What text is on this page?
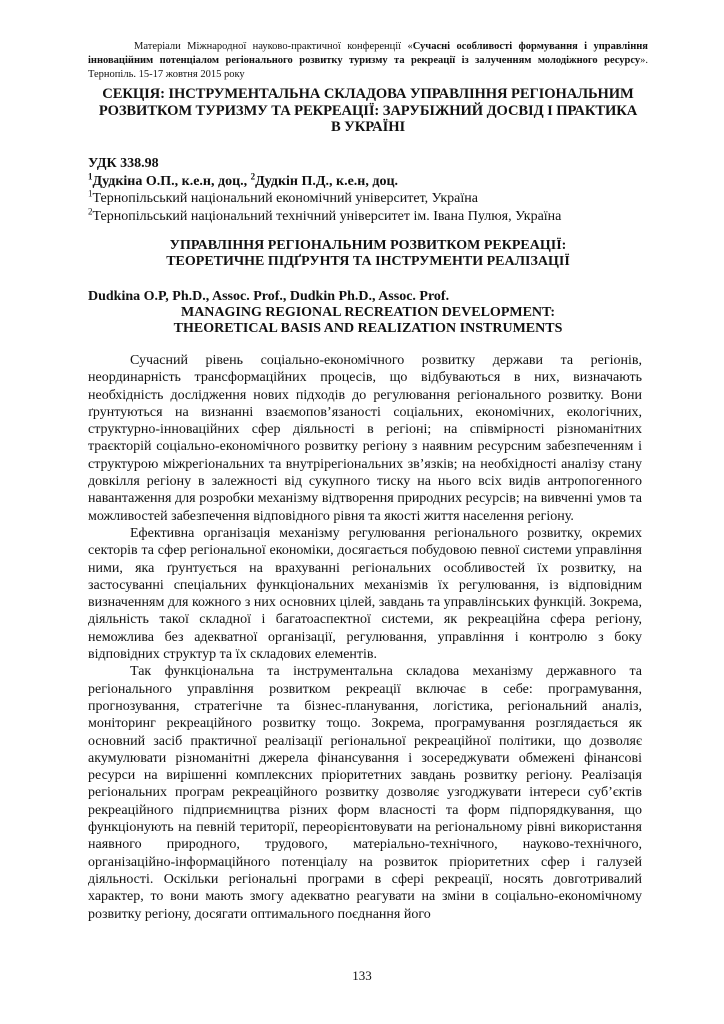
Матеріали Міжнародної науково-практичної конференції «Сучасні особливості формування і управління інноваційним потенціалом регіонального розвитку туризму та рекреації із залученням молодіжного ресурсу». Тернопіль. 15-17 жовтня 2015 року
СЕКЦІЯ: ІНСТРУМЕНТАЛЬНА СКЛАДОВА УПРАВЛІННЯ РЕГІОНАЛЬНИМ
РОЗВИТКОМ ТУРИЗМУ ТА РЕКРЕАЦІЇ: ЗАРУБІЖНИЙ ДОСВІД І ПРАКТИКА
В УКРАЇНІ
УДК 338.98
$^1$Дудкіна О.П., к.е.н, доц., $^2$Дудкін П.Д., к.е.н, доц.
$^1$Тернопільський національний економічний університет, Україна
$^2$Тернопільський національний технічний університет ім. Івана Пулюя, Україна
УПРАВЛІННЯ РЕГІОНАЛЬНИМ РОЗВИТКОМ РЕКРЕАЦІЇ:
ТЕОРЕТИЧНЕ ПІДҐРУНТЯ ТА ІНСТРУМЕНТИ РЕАЛІЗАЦІЇ
Dudkina O.P, Ph.D., Assoc. Prof., Dudkin Ph.D., Assoc. Prof.
MANAGING REGIONAL RECREATION DEVELOPMENT:
THEORETICAL BASIS AND REALIZATION INSTRUMENTS

Сучасний рівень соціально-економічного розвитку держави та регіонів, неординарність трансформаційних процесів, що відбуваються в них, визначають необхідність дослідження нових підходів до регулювання регіонального розвитку. Вони ґрунтуються на визнанні взаємоповʼязаності соціальних, економічних, екологічних, структурно-інноваційних сфер діяльності в регіоні; на співмірності різноманітних траєкторій соціально-економічного розвитку регіону з наявним ресурсним забезпеченням і структурою міжрегіональних та внутрірегіональних звʼязків; на необхідності аналізу стану довкілля регіону в залежності від сукупного тиску на нього всіх видів антропогенного навантаження для розробки механізму відтворення природних ресурсів; на вивченні умов та можливостей забезпечення відповідного рівня та якості життя населення регіону.

Ефективна організація механізму регулювання регіонального розвитку, окремих секторів та сфер регіональної економіки, досягається побудовою певної системи управління ними, яка ґрунтується на врахуванні регіональних особливостей їх розвитку, на застосуванні спеціальних функціональних механізмів їх регулювання, із відповідним визначенням для кожного з них основних цілей, завдань та управлінських функцій. Зокрема, діяльність такої складної і багатоаспектної системи, як рекреаційна сфера регіону, неможлива без адекватної організації, регулювання, управління і контролю з боку відповідних структур та їх складових елементів.

Так функціональна та інструментальна складова механізму державного та регіонального управління розвитком рекреації включає в себе: програмування, прогнозування, стратегічне та бізнес-планування, логістика, регіональний аналіз, моніторинг рекреаційного розвитку тощо. Зокрема, програмування розглядається як основний засіб практичної реалізації регіональної рекреаційної політики, що дозволяє акумулювати різноманітні джерела фінансування і зосереджувати обмежені фінансові ресурси на вирішенні комплексних пріоритетних завдань розвитку регіону. Реалізація регіональних програм рекреаційного розвитку дозволяє узгоджувати інтереси субʼєктів рекреаційного підприємництва різних форм власності та форм підпорядкування, що функціонують на певній території, переорієнтовувати на регіональному рівні використання наявного природного, трудового, матеріально-технічного, науково-технічного, організаційно-інформаційного потенціалу на розвиток пріоритетних сфер і галузей діяльності. Оскільки регіональні програми в сфері рекреації, носять довготривалий характер, то вони мають змогу адекватно реагувати на зміни в соціально-економічному розвитку регіону, досягати оптимального поєднання його

133
